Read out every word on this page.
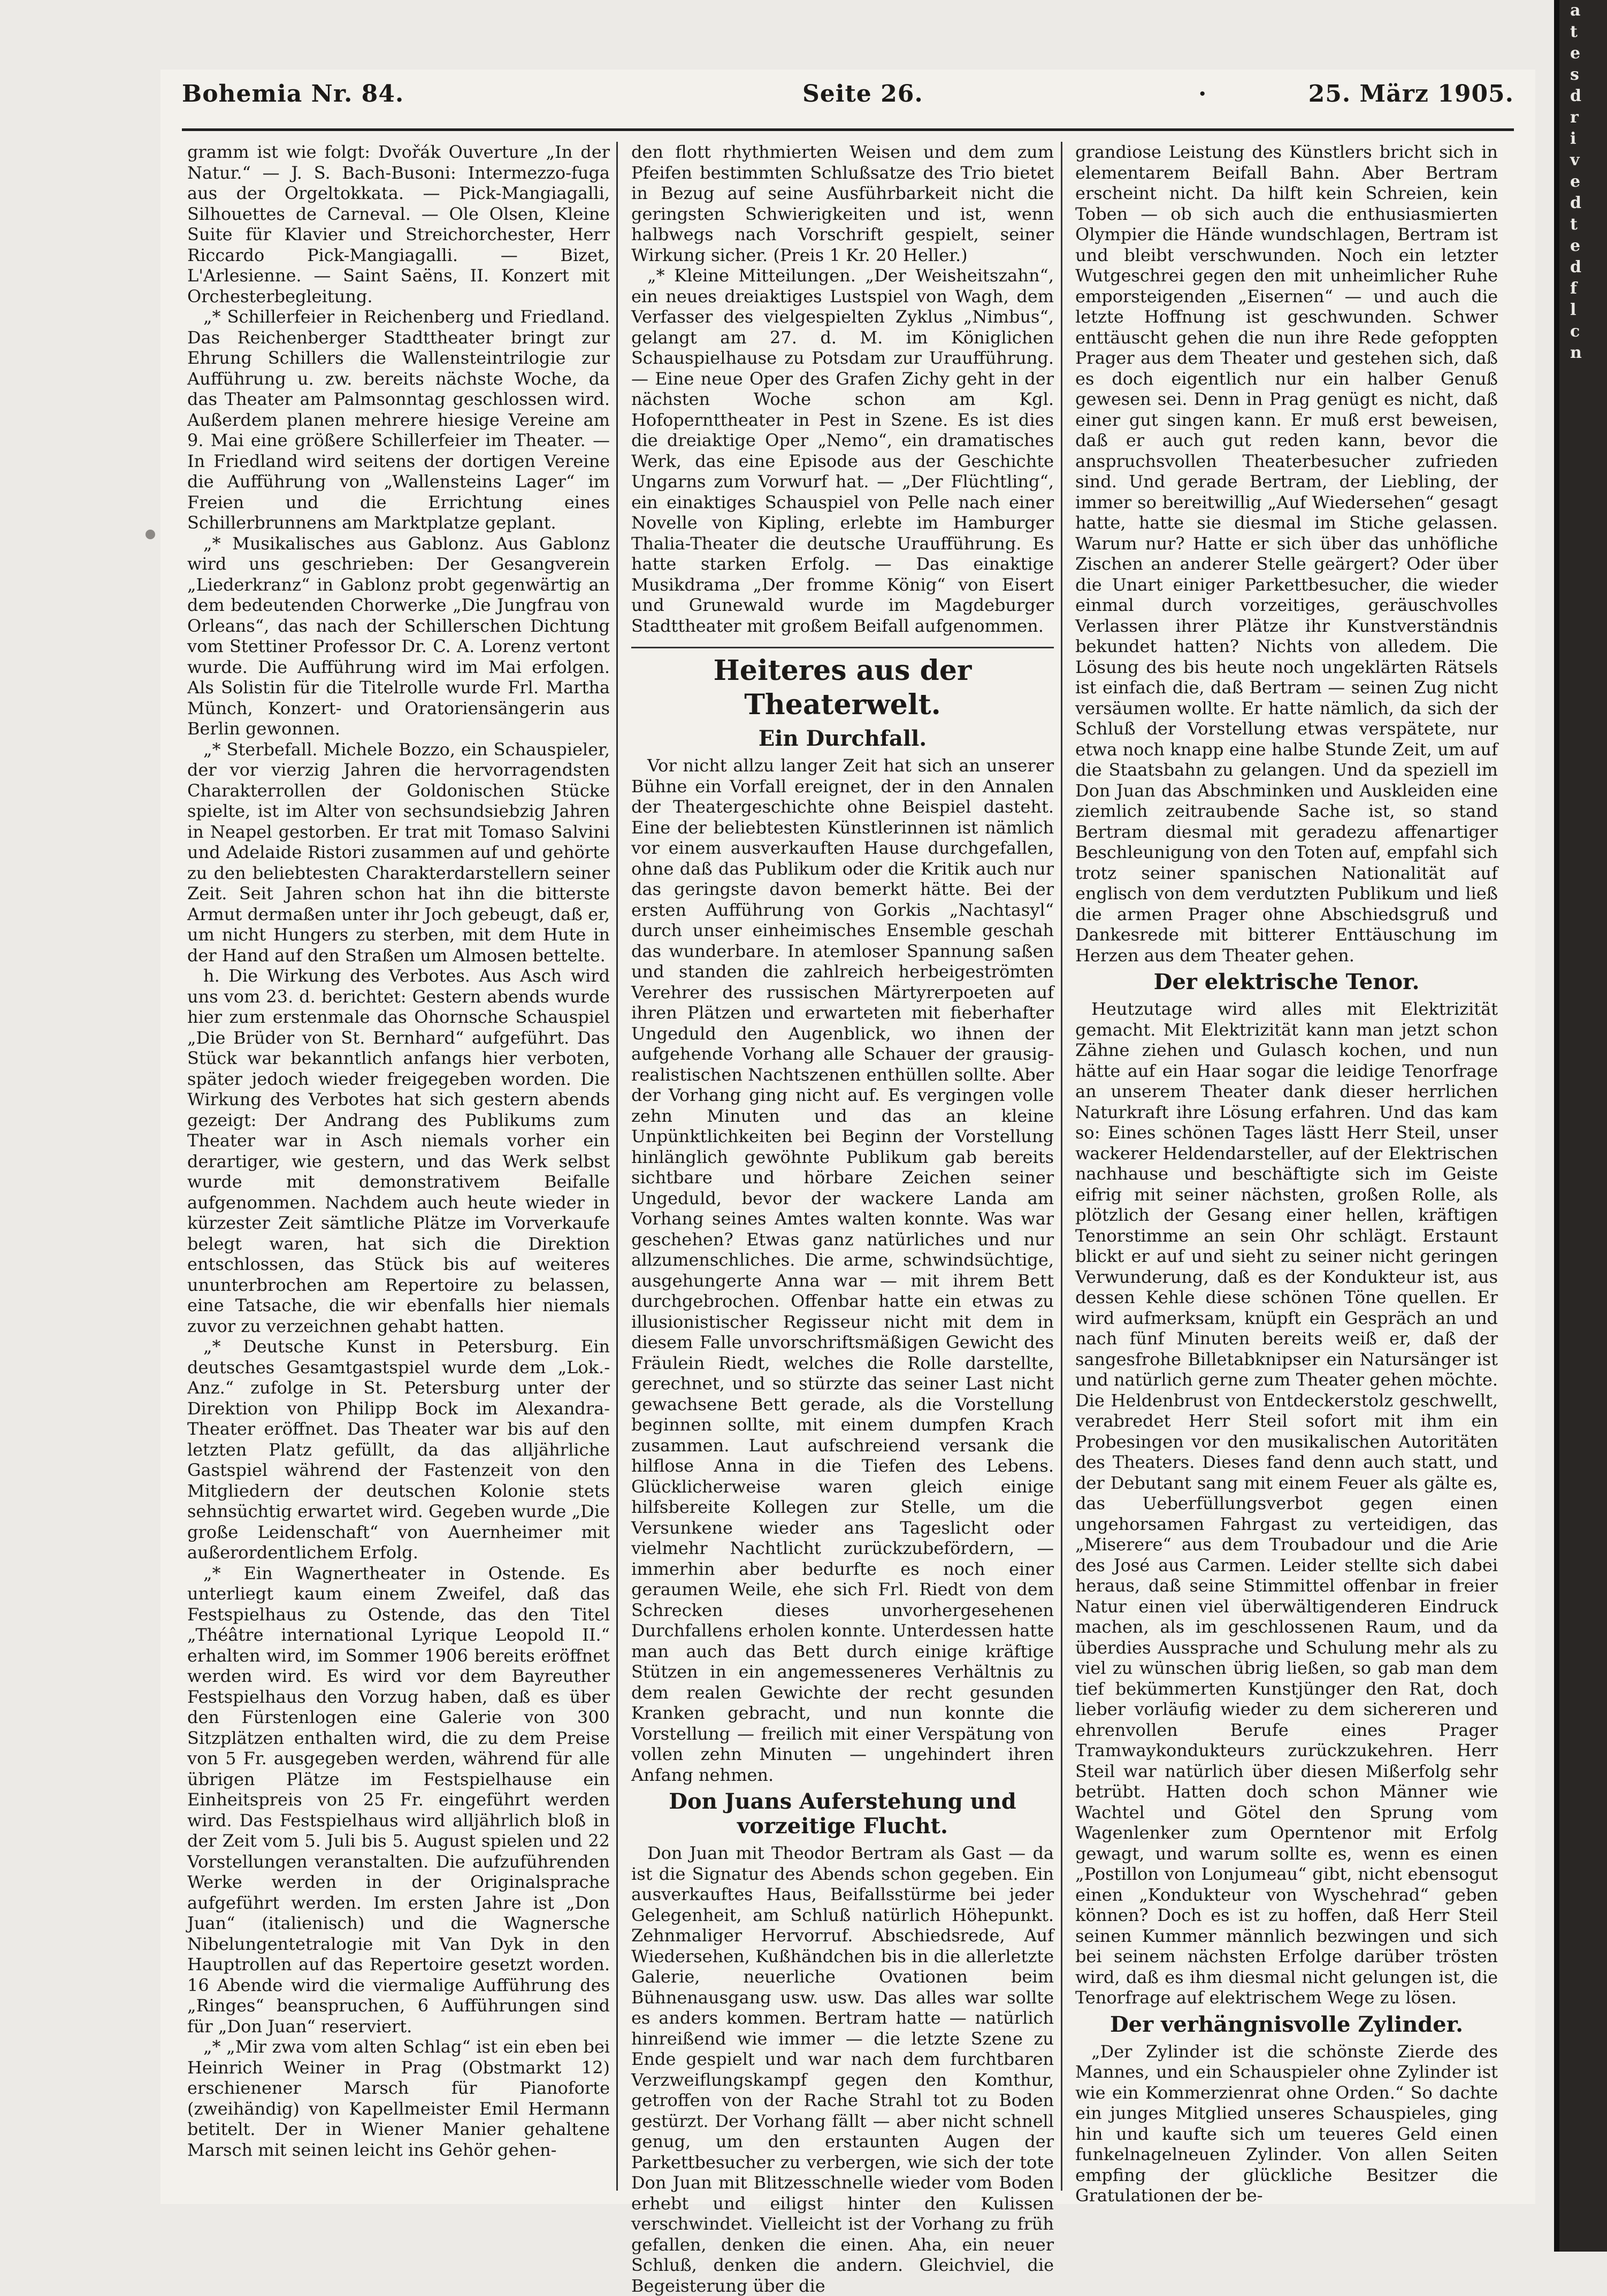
a
t
e
s
d
r
i
v
e
d
t
e
d
f
l
c
n
Bohemia Nr. 84.	Seite 26.	·	25. März 1905.

gramm ist wie folgt: Dvořák Ouverture „In der Natur.“ — J. S. Bach-Busoni: Intermezzo-fuga aus der Orgeltokkata. — Pick-Mangiagalli, Silhouettes de Carneval. — Ole Olsen, Kleine Suite für Klavier und Streichorchester, Herr Riccardo Pick-Mangiagalli. — Bizet, L'Arlesienne. — Saint Saëns, II. Konzert mit Orchesterbegleitung.

„* Schillerfeier in Reichenberg und Friedland. Das Reichenberger Stadttheater bringt zur Ehrung Schillers die Wallensteintrilogie zur Aufführung u. zw. bereits nächste Woche, da das Theater am Palmsonntag geschlossen wird. Außerdem planen mehrere hiesige Vereine am 9. Mai eine größere Schillerfeier im Theater. — In Friedland wird seitens der dortigen Vereine die Aufführung von „Wallensteins Lager“ im Freien und die Errichtung eines Schillerbrunnens am Marktplatze geplant.

„* Musikalisches aus Gablonz. Aus Gablonz wird uns geschrieben: Der Gesangverein „Liederkranz“ in Gablonz probt gegenwärtig an dem bedeutenden Chorwerke „Die Jungfrau von Orleans“, das nach der Schillerschen Dichtung vom Stettiner Professor Dr. C. A. Lorenz vertont wurde. Die Aufführung wird im Mai erfolgen. Als Solistin für die Titelrolle wurde Frl. Martha Münch, Konzert- und Oratoriensängerin aus Berlin gewonnen.

„* Sterbefall. Michele Bozzo, ein Schauspieler, der vor vierzig Jahren die hervorragendsten Charakterrollen der Goldonischen Stücke spielte, ist im Alter von sechsundsiebzig Jahren in Neapel gestorben. Er trat mit Tomaso Salvini und Adelaide Ristori zusammen auf und gehörte zu den beliebtesten Charakterdarstellern seiner Zeit. Seit Jahren schon hat ihn die bitterste Armut dermaßen unter ihr Joch gebeugt, daß er, um nicht Hungers zu sterben, mit dem Hute in der Hand auf den Straßen um Almosen bettelte.

h. Die Wirkung des Verbotes. Aus Asch wird uns vom 23. d. berichtet: Gestern abends wurde hier zum erstenmale das Ohornsche Schauspiel „Die Brüder von St. Bernhard“ aufgeführt. Das Stück war bekanntlich anfangs hier verboten, später jedoch wieder freigegeben worden. Die Wirkung des Verbotes hat sich gestern abends gezeigt: Der Andrang des Publikums zum Theater war in Asch niemals vorher ein derartiger, wie gestern, und das Werk selbst wurde mit demonstrativem Beifalle aufgenommen. Nachdem auch heute wieder in kürzester Zeit sämtliche Plätze im Vorverkaufe belegt waren, hat sich die Direktion entschlossen, das Stück bis auf weiteres ununterbrochen am Repertoire zu belassen, eine Tatsache, die wir ebenfalls hier niemals zuvor zu verzeichnen gehabt hatten.

„* Deutsche Kunst in Petersburg. Ein deutsches Gesamtgastspiel wurde dem „Lok.-Anz.“ zufolge in St. Petersburg unter der Direktion von Philipp Bock im Alexandra-Theater eröffnet. Das Theater war bis auf den letzten Platz gefüllt, da das alljährliche Gastspiel während der Fastenzeit von den Mitgliedern der deutschen Kolonie stets sehnsüchtig erwartet wird. Gegeben wurde „Die große Leidenschaft“ von Auernheimer mit außerordentlichem Erfolg.

„* Ein Wagnertheater in Ostende. Es unterliegt kaum einem Zweifel, daß das Festspielhaus zu Ostende, das den Titel „Théâtre international Lyrique Leopold II.“ erhalten wird, im Sommer 1906 bereits eröffnet werden wird. Es wird vor dem Bayreuther Festspielhaus den Vorzug haben, daß es über den Fürstenlogen eine Galerie von 300 Sitzplätzen enthalten wird, die zu dem Preise von 5 Fr. ausgegeben werden, während für alle übrigen Plätze im Festspielhause ein Einheitspreis von 25 Fr. eingeführt werden wird. Das Festspielhaus wird alljährlich bloß in der Zeit vom 5. Juli bis 5. August spielen und 22 Vorstellungen veranstalten. Die aufzuführenden Werke werden in der Originalsprache aufgeführt werden. Im ersten Jahre ist „Don Juan“ (italienisch) und die Wagnersche Nibelungentetralogie mit Van Dyk in den Hauptrollen auf das Repertoire gesetzt worden. 16 Abende wird die viermalige Aufführung des „Ringes“ beanspruchen, 6 Aufführungen sind für „Don Juan“ reserviert.

„* „Mir zwa vom alten Schlag“ ist ein eben bei Heinrich Weiner in Prag (Obstmarkt 12) erschienener Marsch für Pianoforte (zweihändig) von Kapellmeister Emil Hermann betitelt. Der in Wiener Manier gehaltene Marsch mit seinen leicht ins Gehör gehen-

den flott rhythmierten Weisen und dem zum Pfeifen bestimmten Schlußsatze des Trio bietet in Bezug auf seine Ausführbarkeit nicht die geringsten Schwierigkeiten und ist, wenn halbwegs nach Vorschrift gespielt, seiner Wirkung sicher. (Preis 1 Kr. 20 Heller.)

„* Kleine Mitteilungen. „Der Weisheitszahn“, ein neues dreiaktiges Lustspiel von Wagh, dem Verfasser des vielgespielten Zyklus „Nimbus“, gelangt am 27. d. M. im Königlichen Schauspielhause zu Potsdam zur Uraufführung. — Eine neue Oper des Grafen Zichy geht in der nächsten Woche schon am Kgl. Hofopernttheater in Pest in Szene. Es ist dies die dreiaktige Oper „Nemo“, ein dramatisches Werk, das eine Episode aus der Geschichte Ungarns zum Vorwurf hat. — „Der Flüchtling“, ein einaktiges Schauspiel von Pelle nach einer Novelle von Kipling, erlebte im Hamburger Thalia-Theater die deutsche Uraufführung. Es hatte starken Erfolg. — Das einaktige Musikdrama „Der fromme König“ von Eisert und Grunewald wurde im Magdeburger Stadttheater mit großem Beifall aufgenommen.

Heiteres aus der Theaterwelt.
Ein Durchfall.

Vor nicht allzu langer Zeit hat sich an unserer Bühne ein Vorfall ereignet, der in den Annalen der Theatergeschichte ohne Beispiel dasteht. Eine der beliebtesten Künstlerinnen ist nämlich vor einem ausverkauften Hause durchgefallen, ohne daß das Publikum oder die Kritik auch nur das geringste davon bemerkt hätte. Bei der ersten Aufführung von Gorkis „Nachtasyl“ durch unser einheimisches Ensemble geschah das wunderbare. In atemloser Spannung saßen und standen die zahlreich herbeigeströmten Verehrer des russischen Märtyrerpoeten auf ihren Plätzen und erwarteten mit fieberhafter Ungeduld den Augenblick, wo ihnen der aufgehende Vorhang alle Schauer der grausig-realistischen Nachtszenen enthüllen sollte. Aber der Vorhang ging nicht auf. Es vergingen volle zehn Minuten und das an kleine Unpünktlichkeiten bei Beginn der Vorstellung hinlänglich gewöhnte Publikum gab bereits sichtbare und hörbare Zeichen seiner Ungeduld, bevor der wackere Landa am Vorhang seines Amtes walten konnte. Was war geschehen? Etwas ganz natürliches und nur allzumenschliches. Die arme, schwindsüchtige, ausgehungerte Anna war — mit ihrem Bett durchgebrochen. Offenbar hatte ein etwas zu illusionistischer Regisseur nicht mit dem in diesem Falle unvorschriftsmäßigen Gewicht des Fräulein Riedt, welches die Rolle darstellte, gerechnet, und so stürzte das seiner Last nicht gewachsene Bett gerade, als die Vorstellung beginnen sollte, mit einem dumpfen Krach zusammen. Laut aufschreiend versank die hilflose Anna in die Tiefen des Lebens. Glücklicherweise waren gleich einige hilfsbereite Kollegen zur Stelle, um die Versunkene wieder ans Tageslicht oder vielmehr Nachtlicht zurückzubefördern, — immerhin aber bedurfte es noch einer geraumen Weile, ehe sich Frl. Riedt von dem Schrecken dieses unvorhergesehenen Durchfallens erholen konnte. Unterdessen hatte man auch das Bett durch einige kräftige Stützen in ein angemesseneres Verhältnis zu dem realen Gewichte der recht gesunden Kranken gebracht, und nun konnte die Vorstellung — freilich mit einer Verspätung von vollen zehn Minuten — ungehindert ihren Anfang nehmen.

Don Juans Auferstehung und vorzeitige Flucht.

Don Juan mit Theodor Bertram als Gast — da ist die Signatur des Abends schon gegeben. Ein ausverkauftes Haus, Beifallsstürme bei jeder Gelegenheit, am Schluß natürlich Höhepunkt. Zehnmaliger Hervorruf. Abschiedsrede, Auf Wiedersehen, Kußhändchen bis in die allerletzte Galerie, neuerliche Ovationen beim Bühnenausgang usw. usw. Das alles war sollte es anders kommen. Bertram hatte — natürlich hinreißend wie immer — die letzte Szene zu Ende gespielt und war nach dem furchtbaren Verzweiflungskampf gegen den Komthur, getroffen von der Rache Strahl tot zu Boden gestürzt. Der Vorhang fällt — aber nicht schnell genug, um den erstaunten Augen der Parkettbesucher zu verbergen, wie sich der tote Don Juan mit Blitzesschnelle wieder vom Boden erhebt und eiligst hinter den Kulissen verschwindet. Vielleicht ist der Vorhang zu früh gefallen, denken die einen. Aha, ein neuer Schluß, denken die andern. Gleichviel, die Begeisterung über die

grandiose Leistung des Künstlers bricht sich in elementarem Beifall Bahn. Aber Bertram erscheint nicht. Da hilft kein Schreien, kein Toben — ob sich auch die enthusiasmierten Olympier die Hände wundschlagen, Bertram ist und bleibt verschwunden. Noch ein letzter Wutgeschrei gegen den mit unheimlicher Ruhe emporsteigenden „Eisernen“ — und auch die letzte Hoffnung ist geschwunden. Schwer enttäuscht gehen die nun ihre Rede gefoppten Prager aus dem Theater und gestehen sich, daß es doch eigentlich nur ein halber Genuß gewesen sei. Denn in Prag genügt es nicht, daß einer gut singen kann. Er muß erst beweisen, daß er auch gut reden kann, bevor die anspruchsvollen Theaterbesucher zufrieden sind. Und gerade Bertram, der Liebling, der immer so bereitwillig „Auf Wiedersehen“ gesagt hatte, hatte sie diesmal im Stiche gelassen. Warum nur? Hatte er sich über das unhöfliche Zischen an anderer Stelle geärgert? Oder über die Unart einiger Parkettbesucher, die wieder einmal durch vorzeitiges, geräuschvolles Verlassen ihrer Plätze ihr Kunstverständnis bekundet hatten? Nichts von alledem. Die Lösung des bis heute noch ungeklärten Rätsels ist einfach die, daß Bertram — seinen Zug nicht versäumen wollte. Er hatte nämlich, da sich der Schluß der Vorstellung etwas verspätete, nur etwa noch knapp eine halbe Stunde Zeit, um auf die Staatsbahn zu gelangen. Und da speziell im Don Juan das Abschminken und Auskleiden eine ziemlich zeitraubende Sache ist, so stand Bertram diesmal mit geradezu affenartiger Beschleunigung von den Toten auf, empfahl sich trotz seiner spanischen Nationalität auf englisch von dem verdutzten Publikum und ließ die armen Prager ohne Abschiedsgruß und Dankesrede mit bitterer Enttäuschung im Herzen aus dem Theater gehen.

Der elektrische Tenor.

Heutzutage wird alles mit Elektrizität gemacht. Mit Elektrizität kann man jetzt schon Zähne ziehen und Gulasch kochen, und nun hätte auf ein Haar sogar die leidige Tenorfrage an unserem Theater dank dieser herrlichen Naturkraft ihre Lösung erfahren. Und das kam so: Eines schönen Tages lästt Herr Steil, unser wackerer Heldendarsteller, auf der Elektrischen nachhause und beschäftigte sich im Geiste eifrig mit seiner nächsten, großen Rolle, als plötzlich der Gesang einer hellen, kräftigen Tenorstimme an sein Ohr schlägt. Erstaunt blickt er auf und sieht zu seiner nicht geringen Verwunderung, daß es der Kondukteur ist, aus dessen Kehle diese schönen Töne quellen. Er wird aufmerksam, knüpft ein Gespräch an und nach fünf Minuten bereits weiß er, daß der sangesfrohe Billetabknipser ein Natursänger ist und natürlich gerne zum Theater gehen möchte. Die Heldenbrust von Entdeckerstolz geschwellt, verabredet Herr Steil sofort mit ihm ein Probesingen vor den musikalischen Autoritäten des Theaters. Dieses fand denn auch statt, und der Debutant sang mit einem Feuer als gälte es, das Ueberfüllungsverbot gegen einen ungehorsamen Fahrgast zu verteidigen, das „Miserere“ aus dem Troubadour und die Arie des José aus Carmen. Leider stellte sich dabei heraus, daß seine Stimmittel offenbar in freier Natur einen viel überwältigenderen Eindruck machen, als im geschlossenen Raum, und da überdies Aussprache und Schulung mehr als zu viel zu wünschen übrig ließen, so gab man dem tief bekümmerten Kunstjünger den Rat, doch lieber vorläufig wieder zu dem sichereren und ehrenvollen Berufe eines Prager Tramwaykondukteurs zurückzukehren. Herr Steil war natürlich über diesen Mißerfolg sehr betrübt. Hatten doch schon Männer wie Wachtel und Götel den Sprung vom Wagenlenker zum Operntenor mit Erfolg gewagt, und warum sollte es, wenn es einen „Postillon von Lonjumeau“ gibt, nicht ebensogut einen „Kondukteur von Wyschehrad“ geben können? Doch es ist zu hoffen, daß Herr Steil seinen Kummer männlich bezwingen und sich bei seinem nächsten Erfolge darüber trösten wird, daß es ihm diesmal nicht gelungen ist, die Tenorfrage auf elektrischem Wege zu lösen.

Der verhängnisvolle Zylinder.

„Der Zylinder ist die schönste Zierde des Mannes, und ein Schauspieler ohne Zylinder ist wie ein Kommerzienrat ohne Orden.“ So dachte ein junges Mitglied unseres Schauspieles, ging hin und kaufte sich um teueres Geld einen funkelnagelneuen Zylinder. Von allen Seiten empfing der glückliche Besitzer die Gratulationen der be-
